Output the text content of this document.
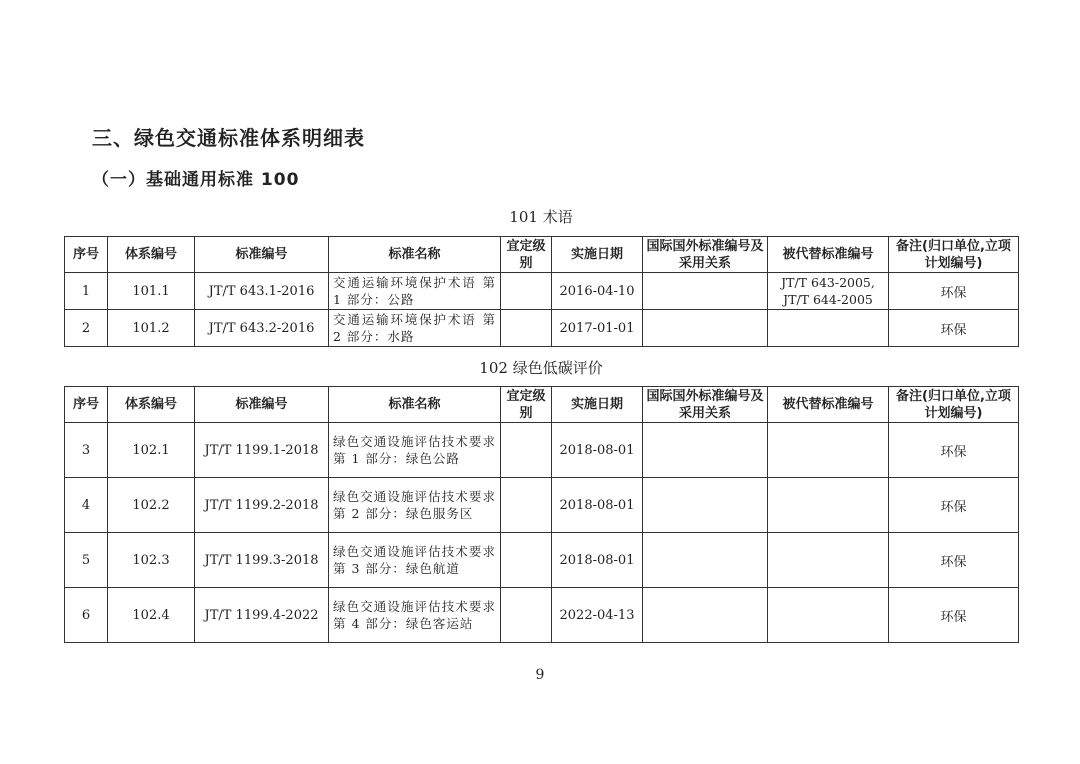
三、绿色交通标准体系明细表
（一）基础通用标准 100
101 术语
序号	体系编号	标准编号	标准名称	宜定级别	实施日期	国际国外标准编号及采用关系	被代替标准编号	备注(归口单位,立项计划编号)
1	101.1	JT/T 643.1-2016	交通运输环境保护术语 第 1 部分：公路		2016-04-10		JT/T 643-2005, JT/T 644-2005	环保
2	101.2	JT/T 643.2-2016	交通运输环境保护术语 第 2 部分：水路		2017-01-01			环保
102 绿色低碳评价
序号	体系编号	标准编号	标准名称	宜定级别	实施日期	国际国外标准编号及采用关系	被代替标准编号	备注(归口单位,立项计划编号)
3	102.1	JT/T 1199.1-2018	绿色交通设施评估技术要求 第 1 部分：绿色公路		2018-08-01			环保
4	102.2	JT/T 1199.2-2018	绿色交通设施评估技术要求 第 2 部分：绿色服务区		2018-08-01			环保
5	102.3	JT/T 1199.3-2018	绿色交通设施评估技术要求 第 3 部分：绿色航道		2018-08-01			环保
6	102.4	JT/T 1199.4-2022	绿色交通设施评估技术要求 第 4 部分：绿色客运站		2022-04-13			环保
9
